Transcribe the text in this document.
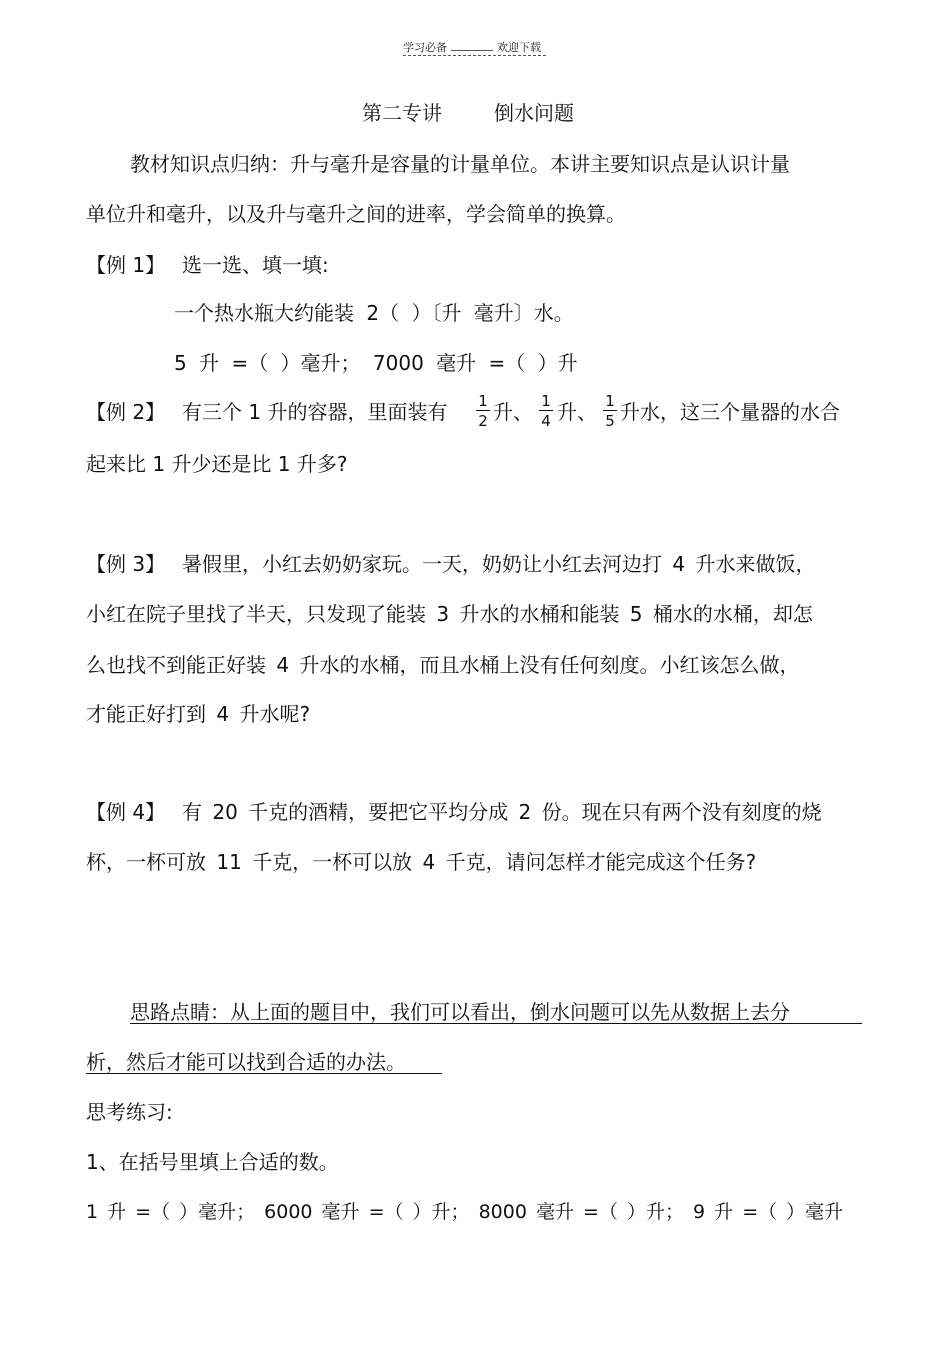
学习必备	欢迎下载
第二专讲	倒水问题
教材知识点归纳：升与毫升是容量的计量单位。本讲主要知识点是认识计量
单位升和毫升，以及升与毫升之间的进率，学会简单的换算。
【例 1】 选一选、填一填:
一个热水瓶大约能装 2（ ）〔升 毫升〕水。
5 升 =（ ）毫升； 7000 毫升 =（ ）升
【例 2】 有三个 1 升的容器，里面装有 1
2 升、 1
4 升、 1
5 升水，这三个量器的水合
起来比 1 升少还是比 1 升多?
【例 3】 暑假里，小红去奶奶家玩。一天，奶奶让小红去河边打 4 升水来做饭，
小红在院子里找了半天，只发现了能装 3 升水的水桶和能装 5 桶水的水桶，却怎
么也找不到能正好装 4 升水的水桶，而且水桶上没有任何刻度。小红该怎么做，
才能正好打到 4 升水呢?
【例 4】 有 20 千克的酒精，要把它平均分成 2 份。现在只有两个没有刻度的烧
杯，一杯可放 11 千克，一杯可以放 4 千克，请问怎样才能完成这个任务?
思路点睛：从上面的题目中，我们可以看出，倒水问题可以先从数据上去分
析，然后才能可以找到合适的办法。
思考练习:
1、在括号里填上合适的数。
1 升 =（ ）毫升； 6000 毫升 =（ ）升； 8000 毫升 =（ ）升； 9 升 =（ ）毫升
